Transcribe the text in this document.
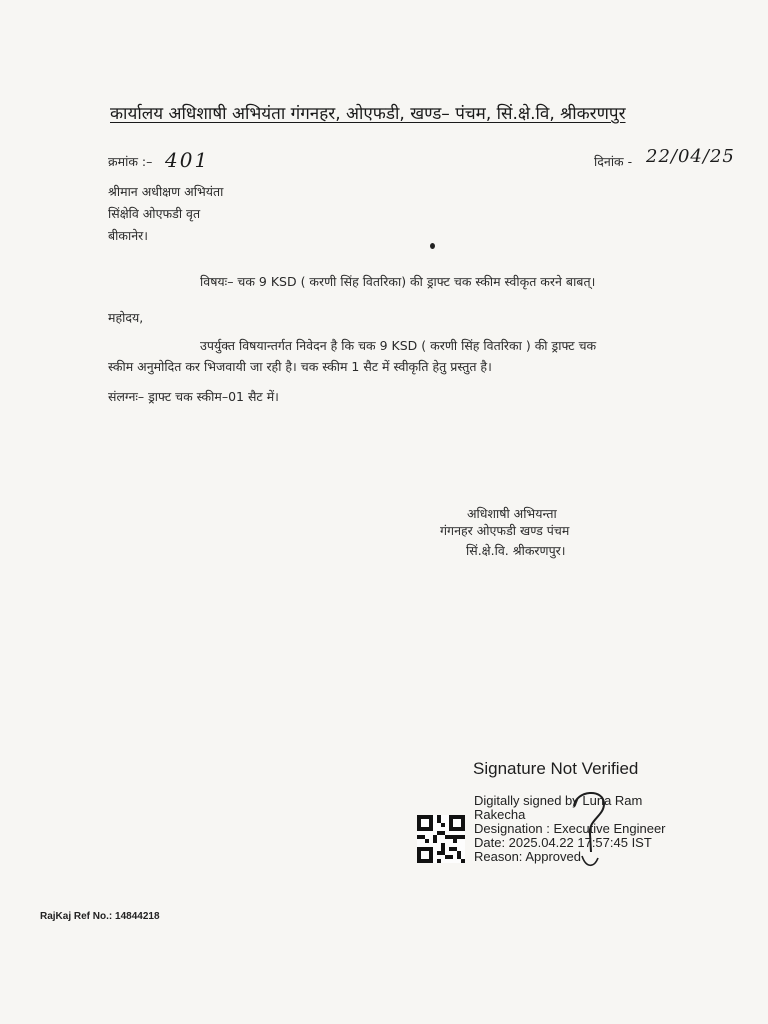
कार्यालय अधिशाषी अभियंता गंगनहर, ओएफडी, खण्ड– पंचम, सिं.क्षे.वि, श्रीकरणपुर
क्रमांक :– 401	दिनांक - 22/04/25
श्रीमान अधीक्षण अभियंता
सिंक्षेवि ओएफडी वृत
बीकानेर।
विषयः– चक 9 KSD ( करणी सिंह वितरिका) की ड्राफ्ट चक स्कीम स्वीकृत करने बाबत्।
महोदय,
उपर्युक्त विषयान्तर्गत निवेदन है कि चक 9 KSD ( करणी सिंह वितरिका ) की ड्राफ्ट चक
स्कीम अनुमोदित कर भिजवायी जा रही है। चक स्कीम 1 सैट में स्वीकृति हेतु प्रस्तुत है।
संलग्नः– ड्राफ्ट चक स्कीम–01 सैट में।
अधिशाषी अभियन्ता
गंगनहर ओएफडी खण्ड पंचम
सिं.क्षे.वि. श्रीकरणपुर।
Signature Not Verified
Digitally signed by Luna Ram
Rakecha
Designation : Executive Engineer
Date: 2025.04.22 17:57:45 IST
Reason: Approved
RajKaj Ref No.: 14844218
